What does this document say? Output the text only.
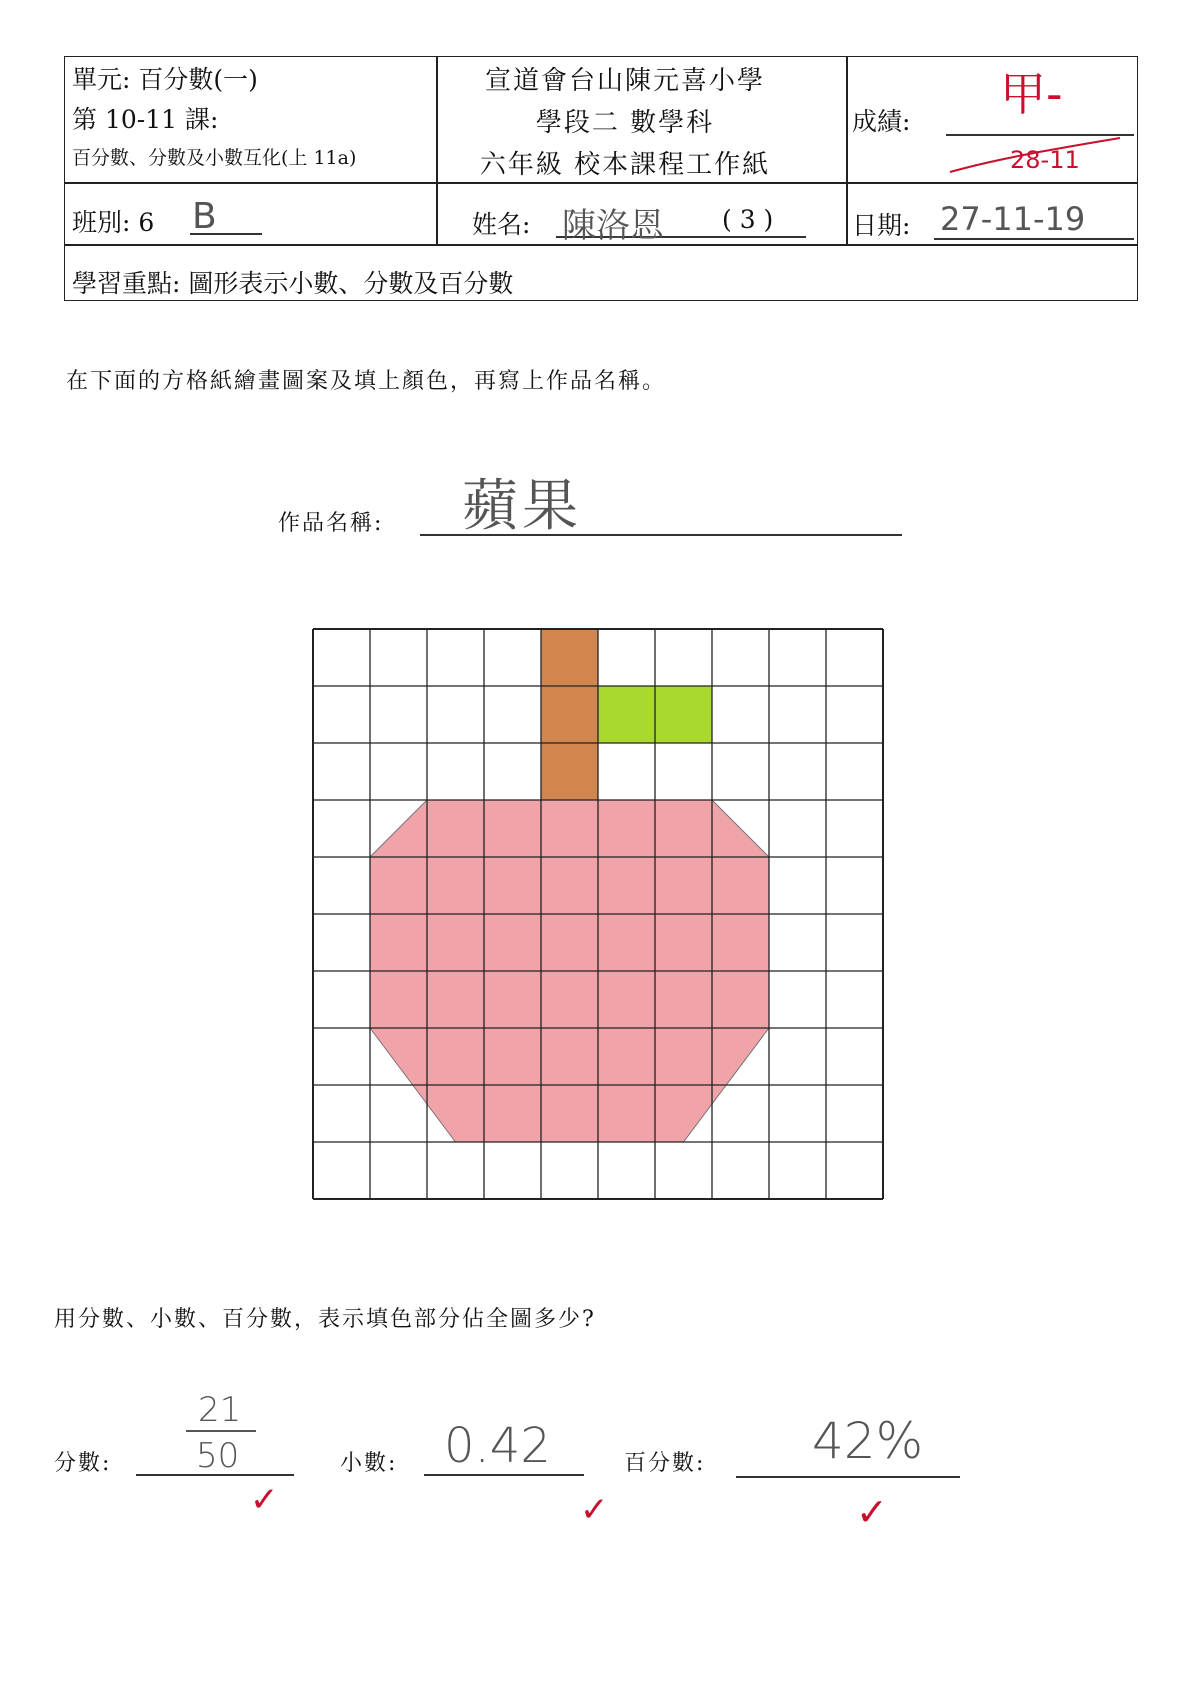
單元: 百分數(一)
第 10-11 課:
百分數、分數及小數互化(上 11a)
宣道會台山陳元喜小學
學段二 數學科
六年級 校本課程工作紙
成績:
甲-
28-11
班別: 6 B	姓名: 陳洛恩 ( 3 )	日期: 27-11-19
學習重點: 圖形表示小數、分數及百分數
在下面的方格紙繪畫圖案及填上顏色，再寫上作品名稱。
作品名稱: 蘋果
用分數、小數、百分數，表示填色部分佔全圖多少?
分數:
21
50
✓
小數: 0.42
✓
百分數: 42%
✓
